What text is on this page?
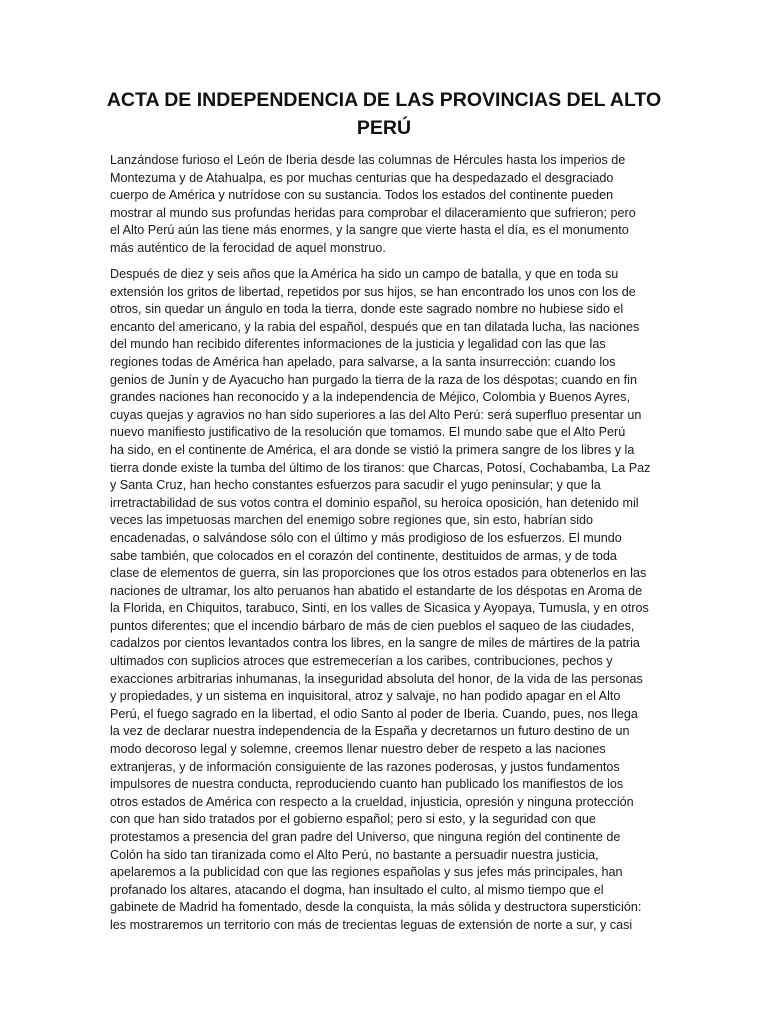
ACTA DE INDEPENDENCIA DE LAS PROVINCIAS DEL ALTO PERÚ

Lanzándose furioso el León de Iberia desde las columnas de Hércules hasta los imperios de
Montezuma y de Atahualpa, es por muchas centurias que ha despedazado el desgraciado
cuerpo de América y nutrídose con su sustancia. Todos los estados del continente pueden
mostrar al mundo sus profundas heridas para comprobar el dilaceramiento que sufrieron; pero
el Alto Perú aún las tiene más enormes, y la sangre que vierte hasta el día, es el monumento
más auténtico de la ferocidad de aquel monstruo.

Después de diez y seis años que la América ha sido un campo de batalla, y que en toda su
extensión los gritos de libertad, repetidos por sus hijos, se han encontrado los unos con los de
otros, sin quedar un ángulo en toda la tierra, donde este sagrado nombre no hubiese sido el
encanto del americano, y la rabia del español, después que en tan dilatada lucha, las naciones
del mundo han recibido diferentes informaciones de la justicia y legalidad con las que las
regiones todas de América han apelado, para salvarse, a la santa insurrección: cuando los
genios de Junín y de Ayacucho han purgado la tierra de la raza de los déspotas; cuando en fin
grandes naciones han reconocido y a la independencia de Méjico, Colombia y Buenos Ayres,
cuyas quejas y agravios no han sido superiores a las del Alto Perú: será superfluo presentar un
nuevo manifiesto justificativo de la resolución que tomamos. El mundo sabe que el Alto Perú
ha sido, en el continente de América, el ara donde se vistió la primera sangre de los libres y la
tierra donde existe la tumba del último de los tiranos: que Charcas, Potosí, Cochabamba, La Paz
y Santa Cruz, han hecho constantes esfuerzos para sacudir el yugo peninsular; y que la
irretractabilidad de sus votos contra el dominio español, su heroica oposición, han detenido mil
veces las impetuosas marchen del enemigo sobre regiones que, sin esto, habrían sido
encadenadas, o salvándose sólo con el último y más prodigioso de los esfuerzos. El mundo
sabe también, que colocados en el corazón del continente, destituidos de armas, y de toda
clase de elementos de guerra, sin las proporciones que los otros estados para obtenerlos en las
naciones de ultramar, los alto peruanos han abatido el estandarte de los déspotas en Aroma de
la Florida, en Chiquitos, tarabuco, Sinti, en los valles de Sicasica y Ayopaya, Tumusla, y en otros
puntos diferentes; que el incendio bárbaro de más de cien pueblos el saqueo de las ciudades,
cadalzos por cientos levantados contra los libres, en la sangre de miles de mártires de la patria
ultimados con suplicios atroces que estremecerían a los caribes, contribuciones, pechos y
exacciones arbitrarias inhumanas, la inseguridad absoluta del honor, de la vida de las personas
y propiedades, y un sistema en inquisitoral, atroz y salvaje, no han podido apagar en el Alto
Perú, el fuego sagrado en la libertad, el odio Santo al poder de Iberia. Cuando, pues, nos llega
la vez de declarar nuestra independencia de la España y decretarnos un futuro destino de un
modo decoroso legal y solemne, creemos llenar nuestro deber de respeto a las naciones
extranjeras, y de información consiguiente de las razones poderosas, y justos fundamentos
impulsores de nuestra conducta, reproduciendo cuanto han publicado los manifiestos de los
otros estados de América con respecto a la crueldad, injusticia, opresión y ninguna protección
con que han sido tratados por el gobierno español; pero si esto, y la seguridad con que
protestamos a presencia del gran padre del Universo, que ninguna región del continente de
Colón ha sido tan tiranizada como el Alto Perú, no bastante a persuadir nuestra justicia,
apelaremos a la publicidad con que las regiones españolas y sus jefes más principales, han
profanado los altares, atacando el dogma, han insultado el culto, al mismo tiempo que el
gabinete de Madrid ha fomentado, desde la conquista, la más sólida y destructora superstición:
les mostraremos un territorio con más de trecientas leguas de extensión de norte a sur, y casi
